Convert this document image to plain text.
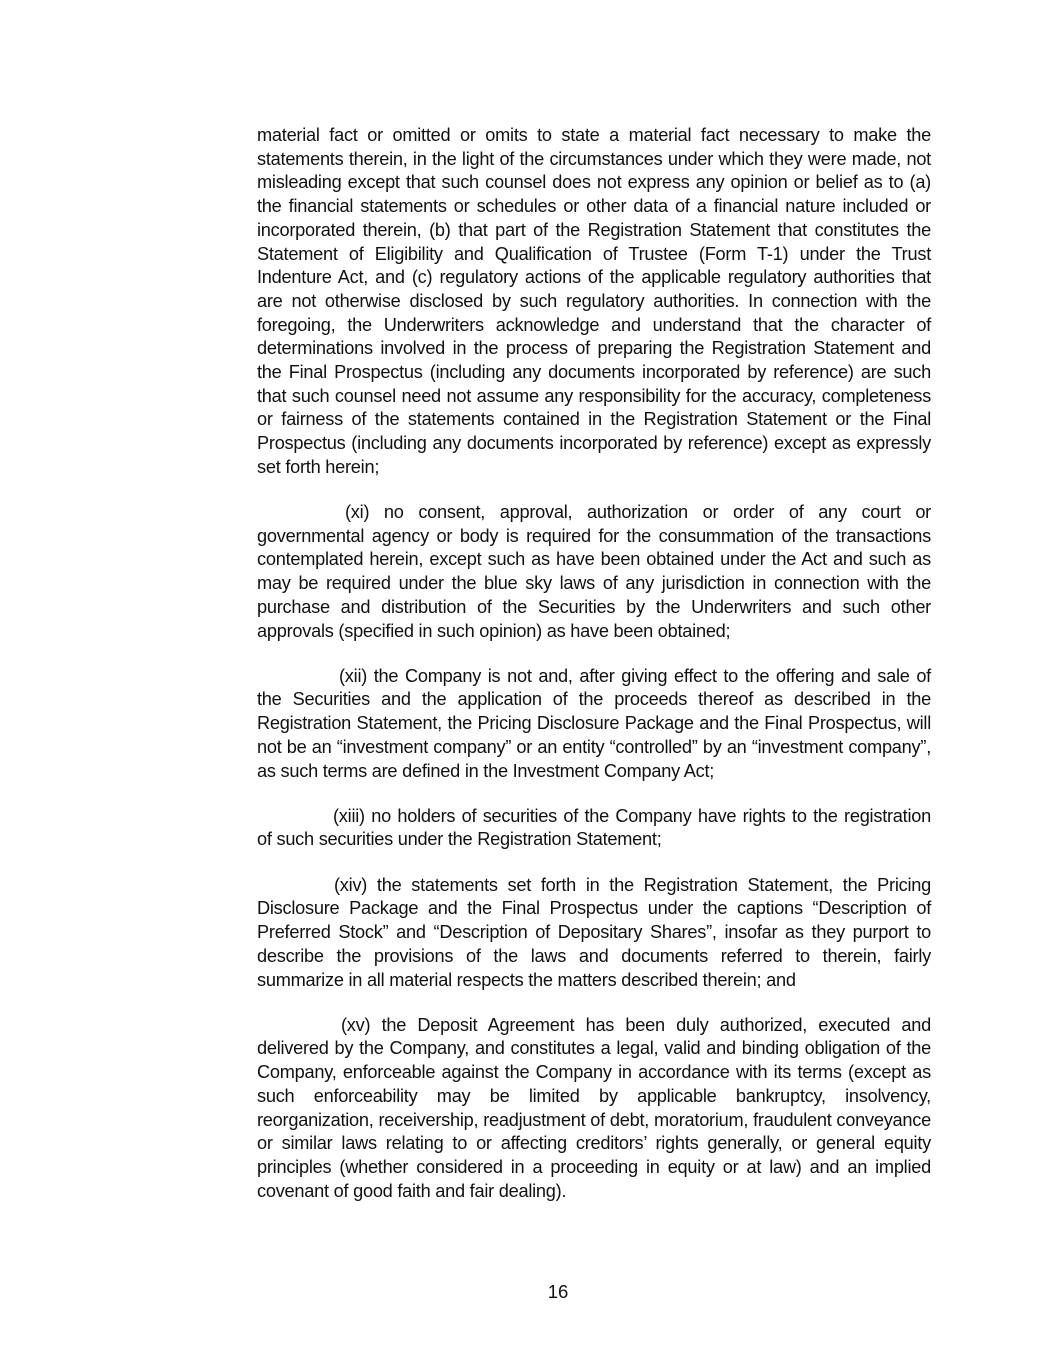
material fact or omitted or omits to state a material fact necessary to make the statements therein, in the light of the circumstances under which they were made, not misleading except that such counsel does not express any opinion or belief as to (a) the financial statements or schedules or other data of a financial nature included or incorporated therein, (b) that part of the Registration Statement that constitutes the Statement of Eligibility and Qualification of Trustee (Form T-1) under the Trust Indenture Act, and (c) regulatory actions of the applicable regulatory authorities that are not otherwise disclosed by such regulatory authorities. In connection with the foregoing, the Underwriters acknowledge and understand that the character of determinations involved in the process of preparing the Registration Statement and the Final Prospectus (including any documents incorporated by reference) are such that such counsel need not assume any responsibility for the accuracy, completeness or fairness of the statements contained in the Registration Statement or the Final Prospectus (including any documents incorporated by reference) except as expressly set forth herein;

(xi) no consent, approval, authorization or order of any court or governmental agency or body is required for the consummation of the transactions contemplated herein, except such as have been obtained under the Act and such as may be required under the blue sky laws of any jurisdiction in connection with the purchase and distribution of the Securities by the Underwriters and such other approvals (specified in such opinion) as have been obtained;

(xii) the Company is not and, after giving effect to the offering and sale of the Securities and the application of the proceeds thereof as described in the Registration Statement, the Pricing Disclosure Package and the Final Prospectus, will not be an “investment company” or an entity “controlled” by an “investment company”, as such terms are defined in the Investment Company Act;

(xiii) no holders of securities of the Company have rights to the registration of such securities under the Registration Statement;

(xiv) the statements set forth in the Registration Statement, the Pricing Disclosure Package and the Final Prospectus under the captions “Description of Preferred Stock” and “Description of Depositary Shares”, insofar as they purport to describe the provisions of the laws and documents referred to therein, fairly summarize in all material respects the matters described therein; and

(xv) the Deposit Agreement has been duly authorized, executed and delivered by the Company, and constitutes a legal, valid and binding obligation of the Company, enforceable against the Company in accordance with its terms (except as such enforceability may be limited by applicable bankruptcy, insolvency, reorganization, receivership, readjustment of debt, moratorium, fraudulent conveyance or similar laws relating to or affecting creditors’ rights generally, or general equity principles (whether considered in a proceeding in equity or at law) and an implied covenant of good faith and fair dealing).

16
